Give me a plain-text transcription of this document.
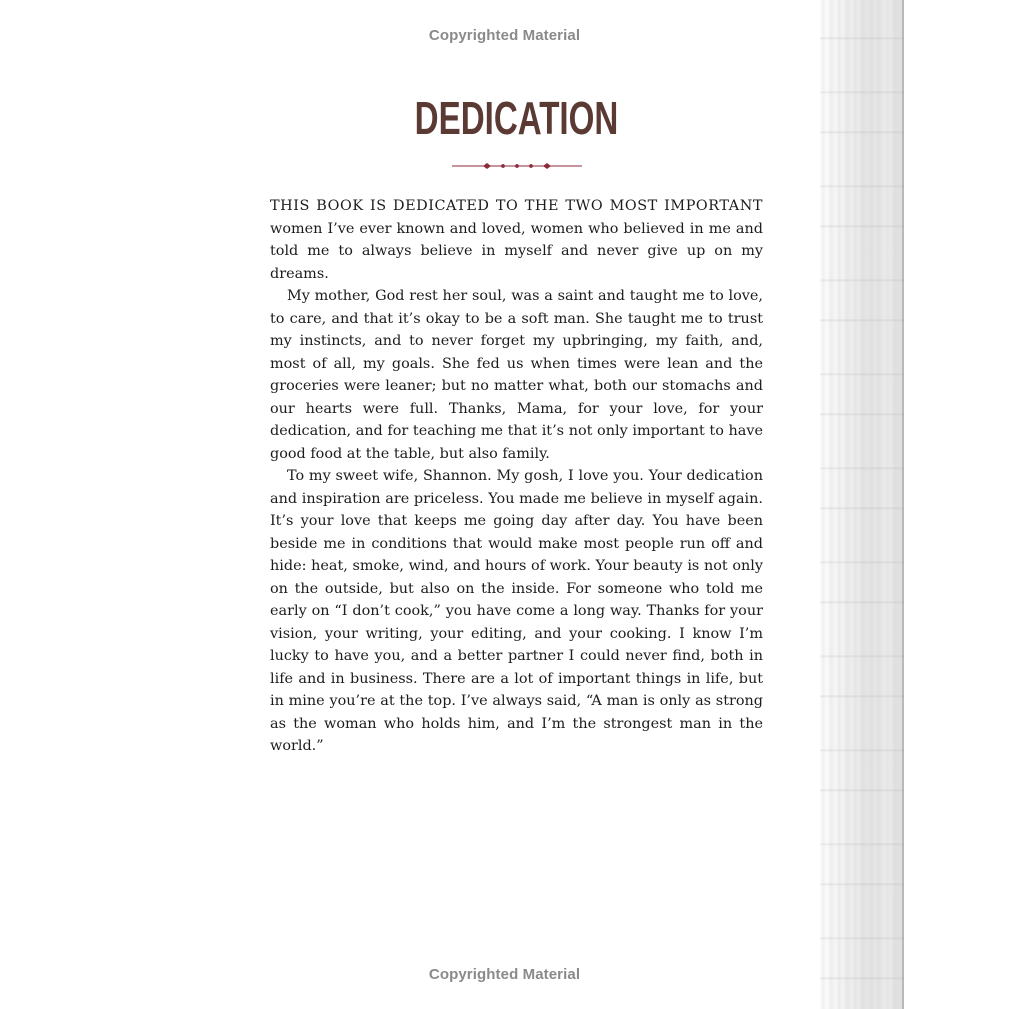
Copyrighted Material
DEDICATION

THIS BOOK IS DEDICATED TO THE TWO MOST IMPORTANT women I’ve ever known and loved, women who believed in me and told me to always believe in myself and never give up on my dreams.

My mother, God rest her soul, was a saint and taught me to love, to care, and that it’s okay to be a soft man. She taught me to trust my instincts, and to never forget my upbringing, my faith, and, most of all, my goals. She fed us when times were lean and the groceries were leaner; but no matter what, both our stomachs and our hearts were full. Thanks, Mama, for your love, for your dedication, and for teaching me that it’s not only important to have good food at the table, but also family.

To my sweet wife, Shannon. My gosh, I love you. Your dedication and inspiration are priceless. You made me believe in myself again. It’s your love that keeps me going day after day. You have been beside me in conditions that would make most people run off and hide: heat, smoke, wind, and hours of work. Your beauty is not only on the outside, but also on the inside. For someone who told me early on “I don’t cook,” you have come a long way. Thanks for your vision, your writing, your editing, and your cooking. I know I’m lucky to have you, and a better partner I could never find, both in life and in business. There are a lot of important things in life, but in mine you’re at the top. I’ve always said, “A man is only as strong as the woman who holds him, and I’m the strongest man in the world.”

Copyrighted Material
